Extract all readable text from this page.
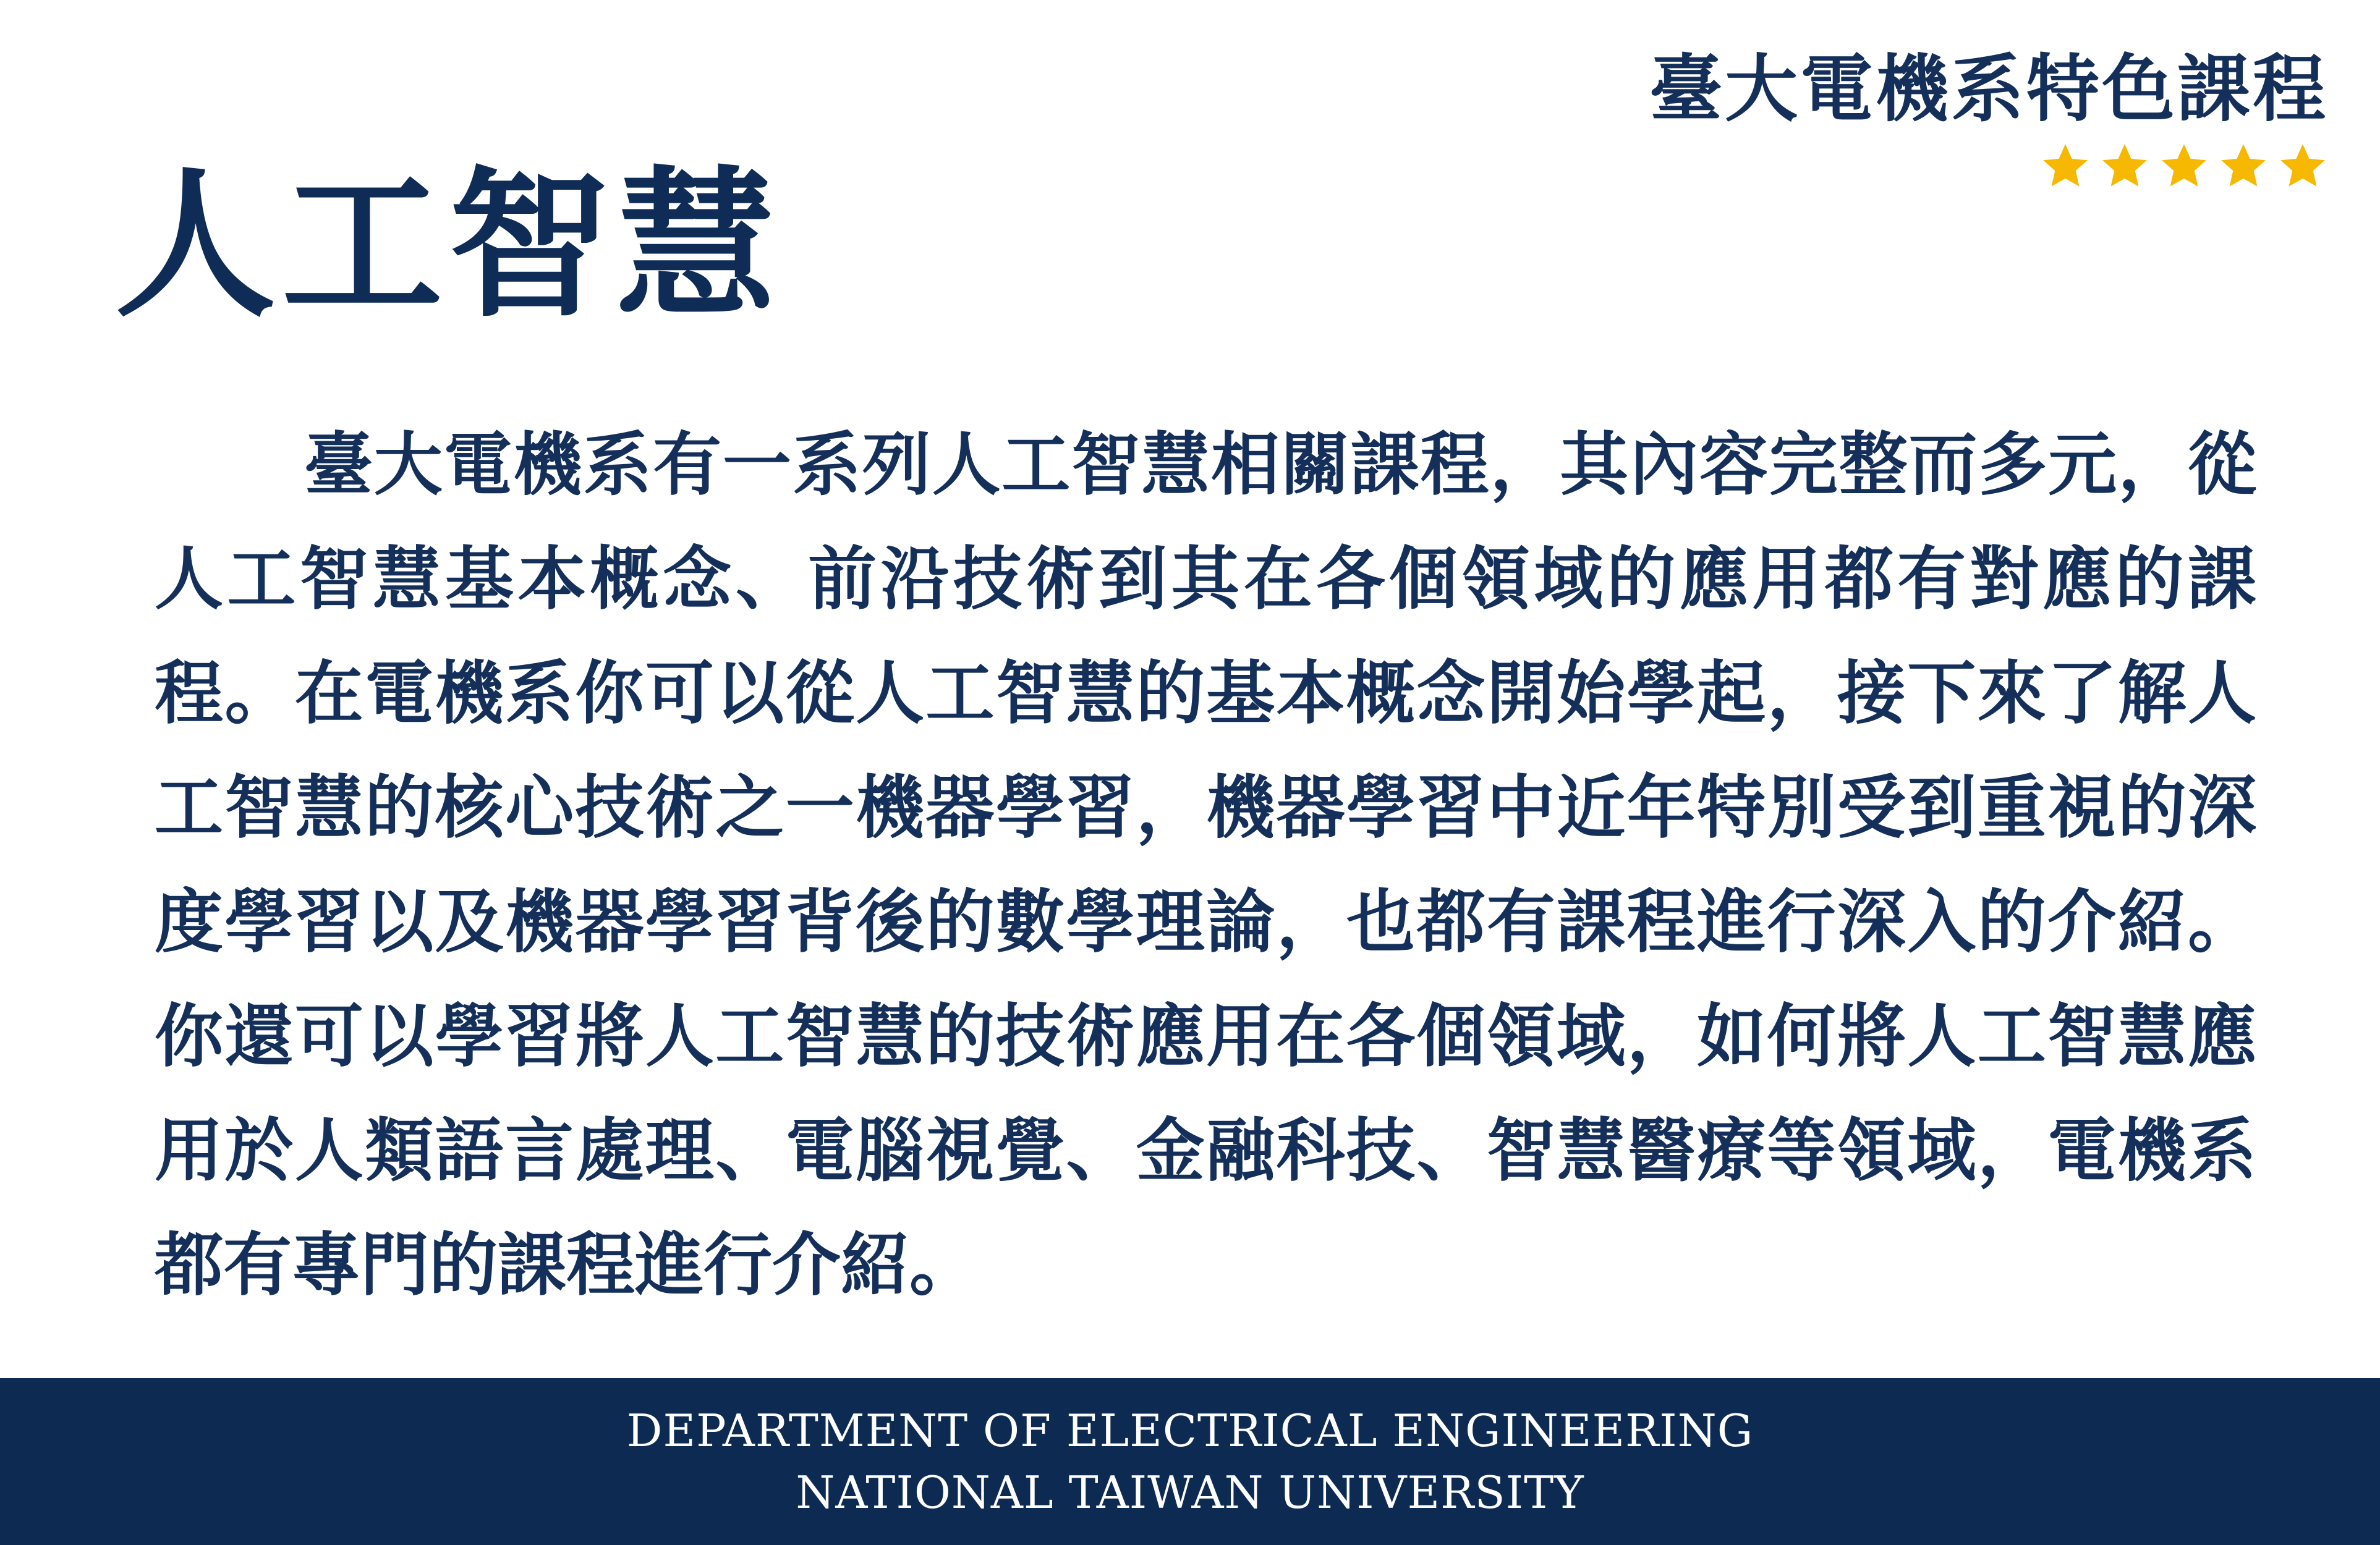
臺大電機系特色課程
人工智慧
臺大電機系有一系列人工智慧相關課程，其內容完整而多元，從人工智慧基本概念、前沿技術到其在各個領域的應用都有對應的課程。在電機系你可以從人工智慧的基本概念開始學起，接下來了解人工智慧的核心技術之一機器學習，機器學習中近年特別受到重視的深度學習以及機器學習背後的數學理論，也都有課程進行深入的介紹。你還可以學習將人工智慧的技術應用在各個領域，如何將人工智慧應用於人類語言處理、電腦視覺、金融科技、智慧醫療等領域，電機系都有專門的課程進行介紹。
DEPARTMENT OF ELECTRICAL ENGINEERING
NATIONAL TAIWAN UNIVERSITY
